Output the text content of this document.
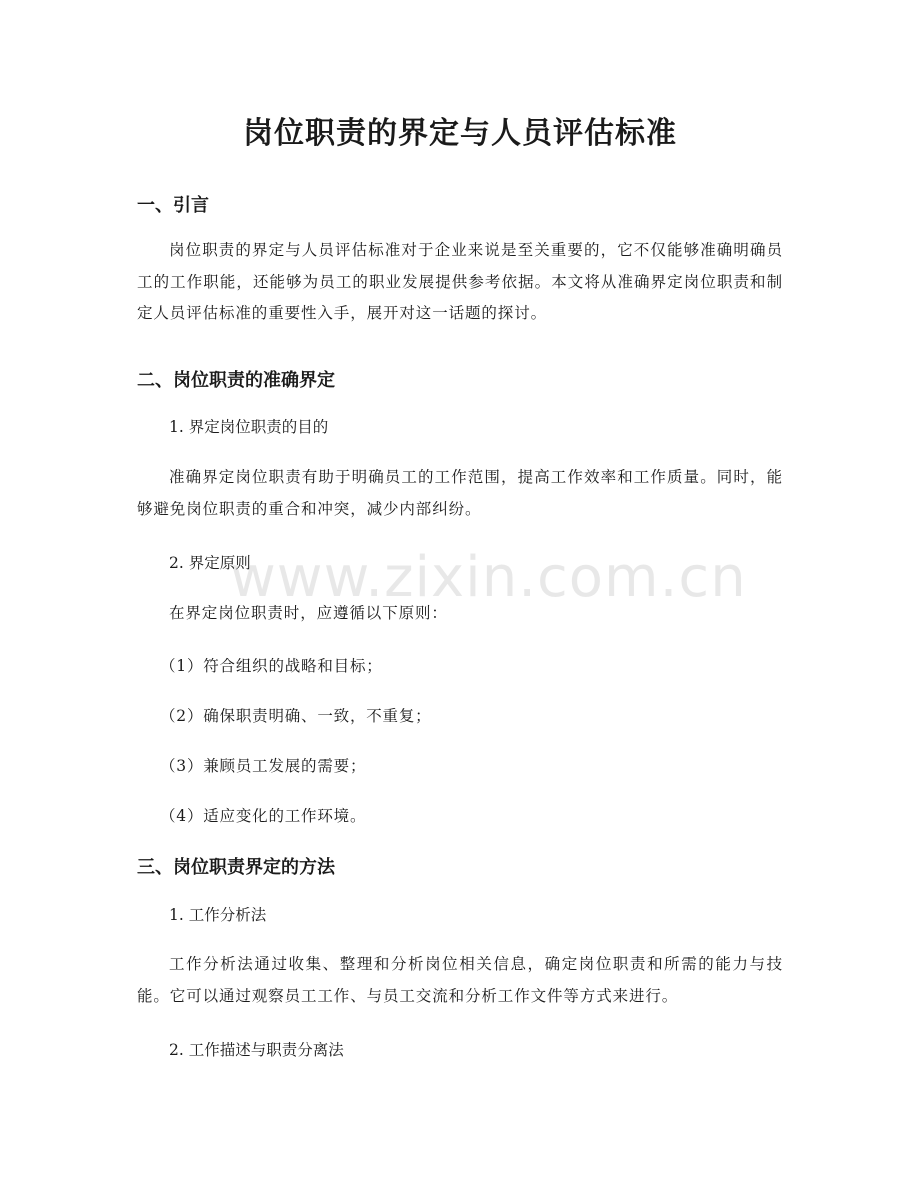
岗位职责的界定与人员评估标准
一、引言

岗位职责的界定与人员评估标准对于企业来说是至关重要的，它不仅能够准确明确员工的工作职能，还能够为员工的职业发展提供参考依据。本文将从准确界定岗位职责和制定人员评估标准的重要性入手，展开对这一话题的探讨。

二、岗位职责的准确界定

1. 界定岗位职责的目的

准确界定岗位职责有助于明确员工的工作范围，提高工作效率和工作质量。同时，能够避免岗位职责的重合和冲突，减少内部纠纷。

2. 界定原则

在界定岗位职责时，应遵循以下原则：

（1）符合组织的战略和目标；

（2）确保职责明确、一致，不重复；

（3）兼顾员工发展的需要；

（4）适应变化的工作环境。

三、岗位职责界定的方法

1. 工作分析法

工作分析法通过收集、整理和分析岗位相关信息，确定岗位职责和所需的能力与技能。它可以通过观察员工工作、与员工交流和分析工作文件等方式来进行。

2. 工作描述与职责分离法

www.zixin.com.cn
